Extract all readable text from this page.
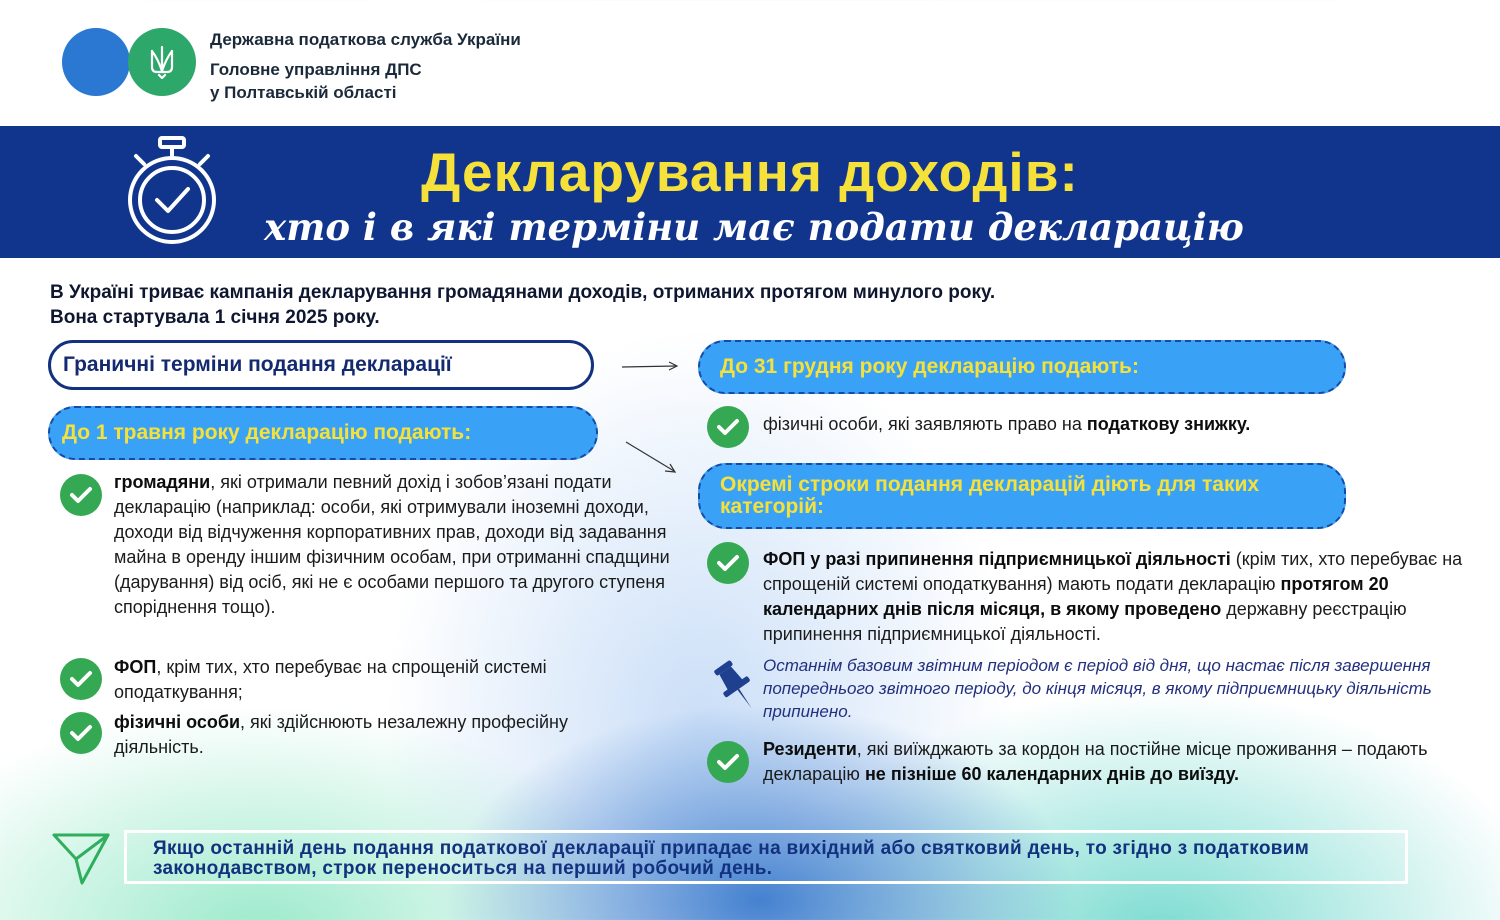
Державна податкова служба України
Головне управління ДПС
у Полтавській області
Декларування доходів:
хто і в які терміни має подати декларацію
В Україні триває кампанія декларування громадянами доходів, отриманих протягом минулого року.
Вона стартувала 1 січня 2025 року.
Граничні терміни подання декларації
До 1 травня року декларацію подають:
громадяни, які отримали певний дохід і зобов’язані подати декларацію (наприклад: особи, які отримували іноземні доходи, доходи від відчуження корпоративних прав, доходи від задавання майна в оренду іншим фізичним особам, при отриманні спадщини (дарування) від осіб, які не є особами першого та другого ступеня споріднення тощо).
ФОП, крім тих, хто перебуває на спрощеній системі оподаткування;
фізичні особи, які здійснюють незалежну професійну діяльність.
До 31 грудня року декларацію подають:
фізичні особи, які заявляють право на податкову знижку.
Окремі строки подання декларацій діють для таких категорій:
ФОП у разі припинення підприємницької діяльності (крім тих, хто перебуває на спрощеній системі оподаткування) мають подати декларацію протягом 20 календарних днів після місяця, в якому проведено державну реєстрацію припинення підприємницької діяльності.
Останнім базовим звітним періодом є період від дня, що настає після завершення попереднього звітного періоду, до кінця місяця, в якому підприємницьку діяльність припинено.
Резиденти, які виїжджають за кордон на постійне місце проживання – подають декларацію не пізніше 60 календарних днів до виїзду.
Якщо останній день подання податкової декларації припадає на вихідний або святковий день, то згідно з податковим законодавством, строк переноситься на перший робочий день.
